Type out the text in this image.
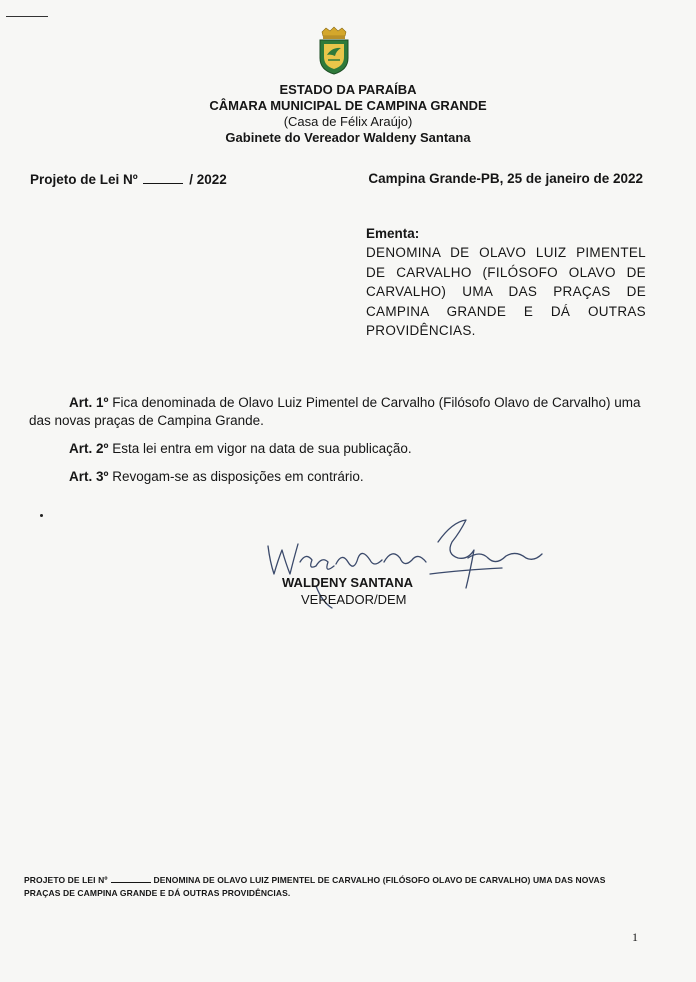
ESTADO DA PARAÍBA
CÂMARA MUNICIPAL DE CAMPINA GRANDE
(Casa de Félix Araújo)
Gabinete do Vereador Waldeny Santana
Projeto de Lei Nº	/ 2022	Campina Grande-PB, 25 de janeiro de 2022
Ementa:
DENOMINA DE OLAVO LUIZ PIMENTEL DE CARVALHO (FILÓSOFO OLAVO DE CARVALHO) UMA DAS PRAÇAS DE CAMPINA GRANDE E DÁ OUTRAS PROVIDÊNCIAS.

Art. 1º Fica denominada de Olavo Luiz Pimentel de Carvalho (Filósofo Olavo de Carvalho) uma das novas praças de Campina Grande.

Art. 2º Esta lei entra em vigor na data de sua publicação.

Art. 3º Revogam-se as disposições em contrário.

WALDENY SANTANA
VEREADOR/DEM
PROJETO DE LEI Nº	DENOMINA DE OLAVO LUIZ PIMENTEL DE CARVALHO (FILÓSOFO OLAVO DE CARVALHO) UMA DAS NOVAS PRAÇAS DE CAMPINA GRANDE E DÁ OUTRAS PROVIDÊNCIAS.
1
